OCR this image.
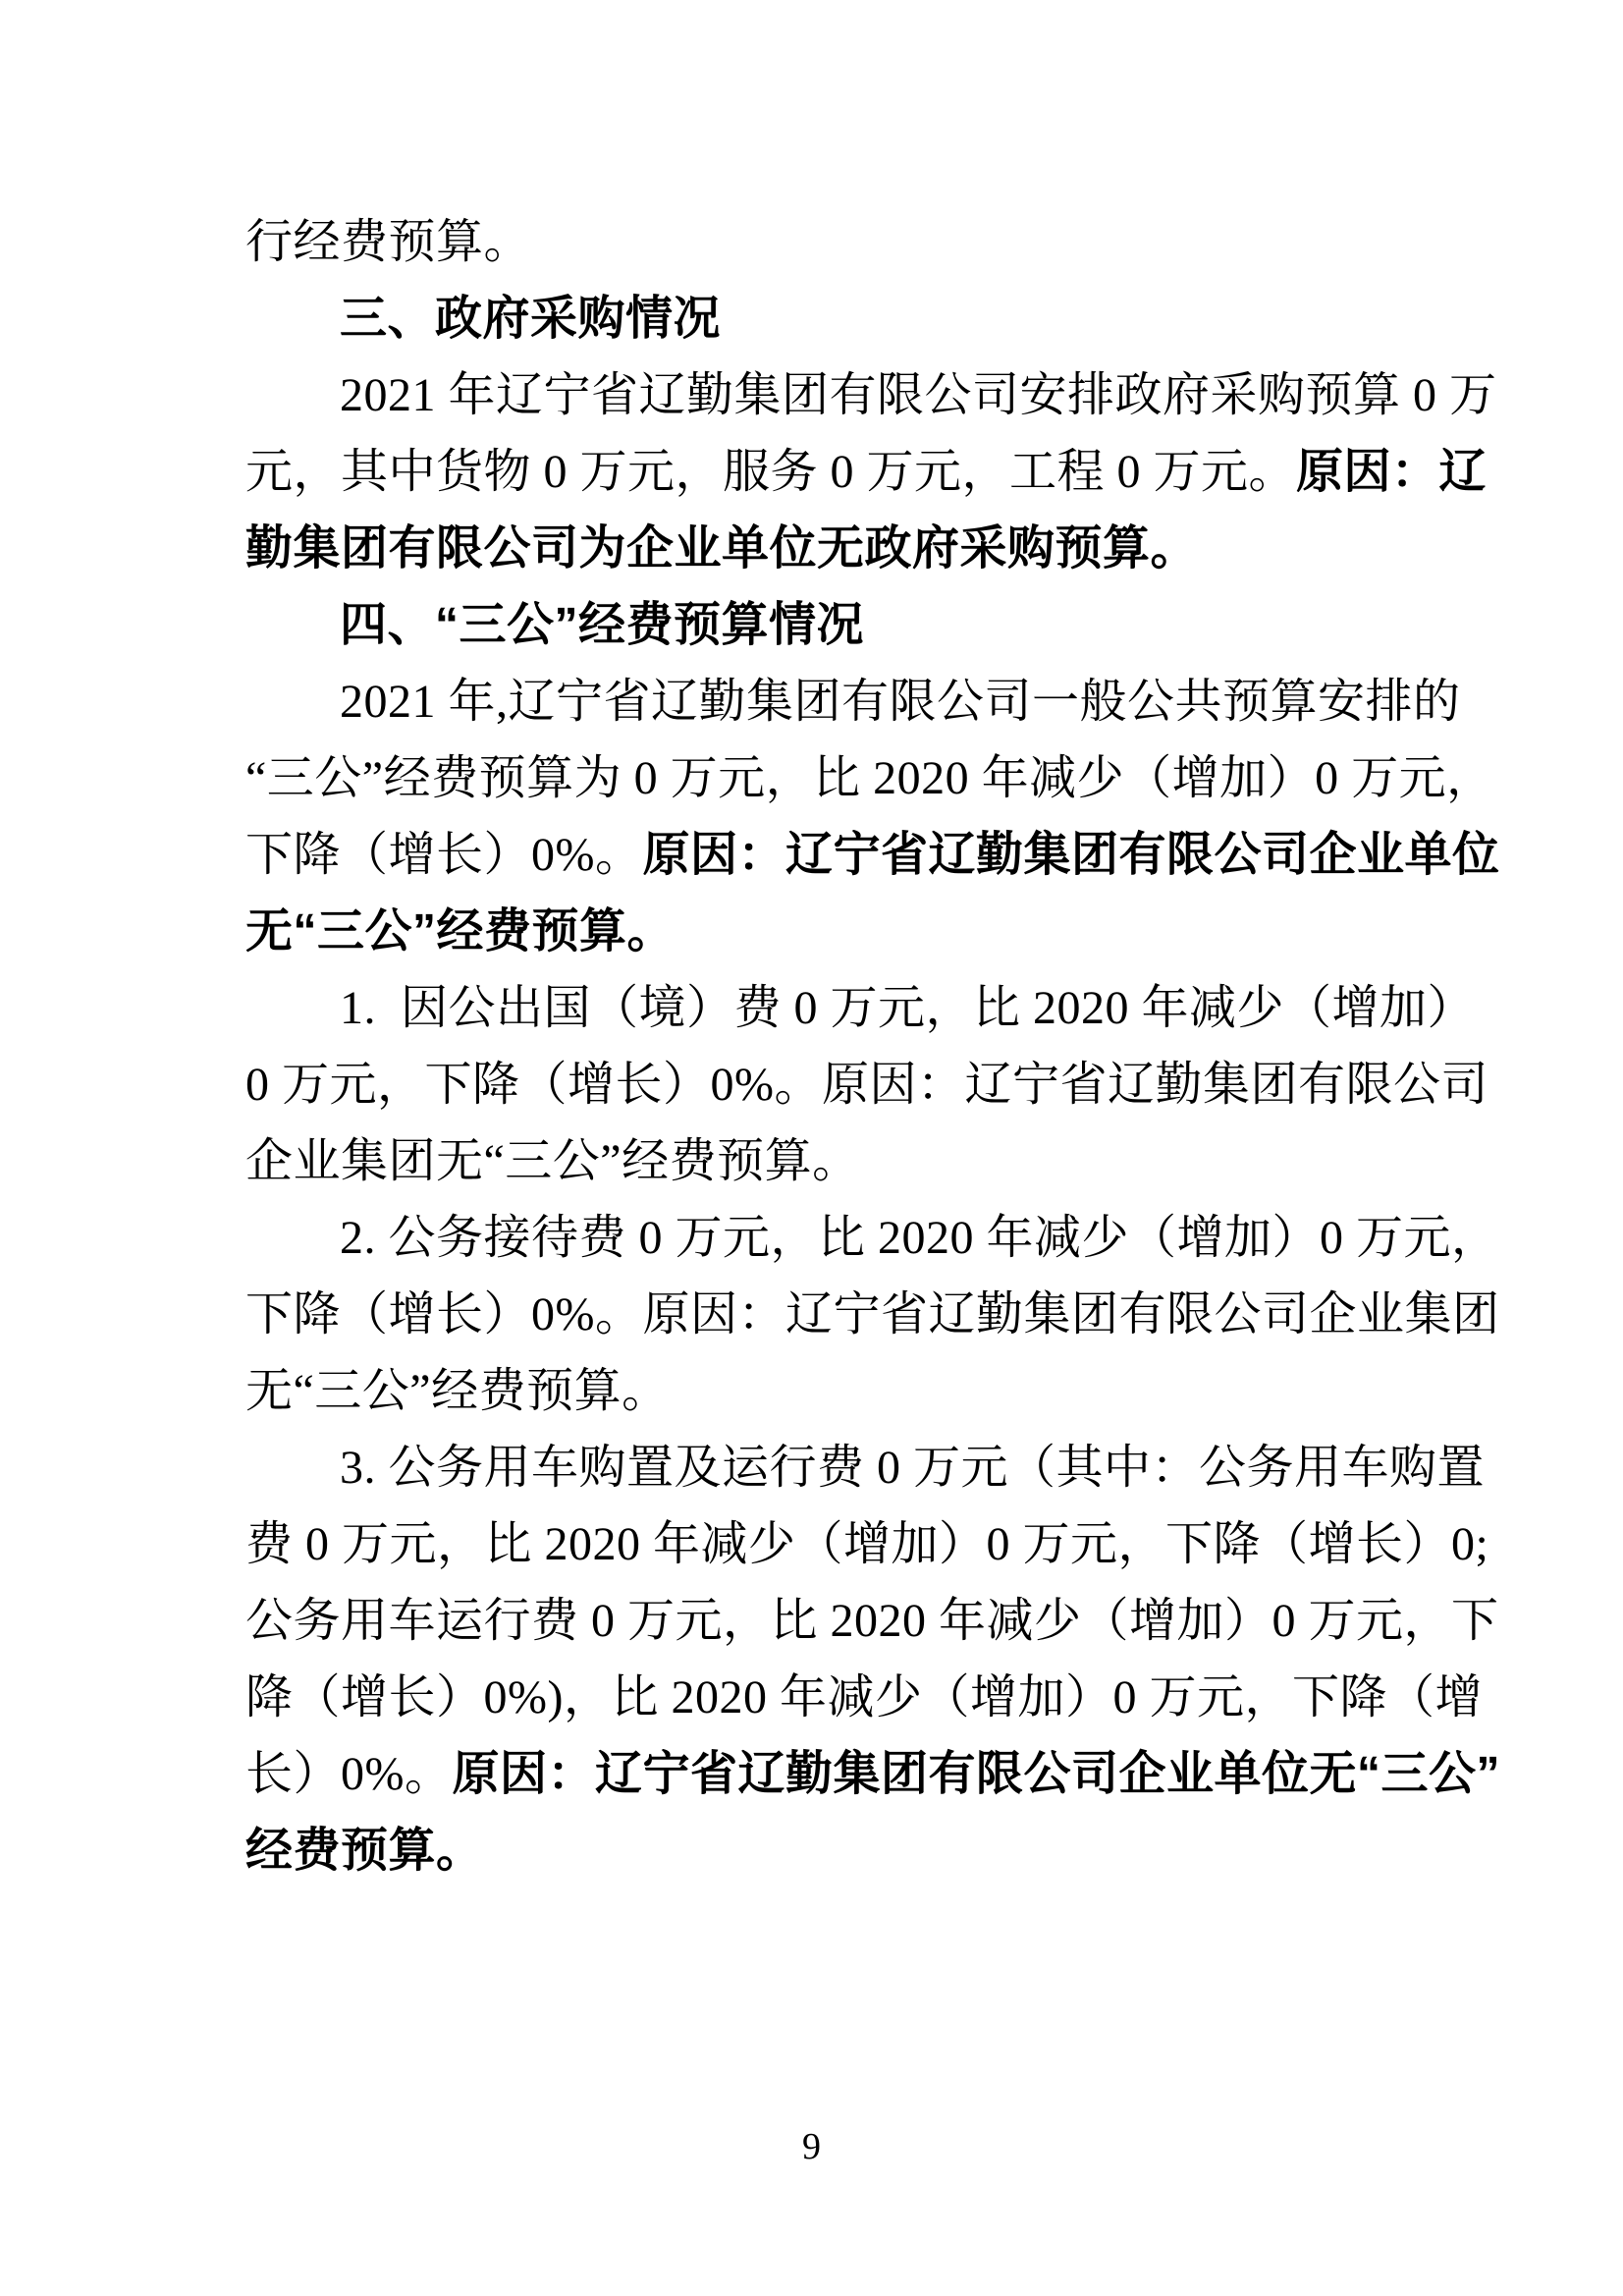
行经费预算。
三、政府采购情况
2021 年辽宁省辽勤集团有限公司安排政府采购预算 0 万
元，其中货物 0 万元，服务 0 万元，工程 0 万元。原因：辽
勤集团有限公司为企业单位无政府采购预算。
四、“三公”经费预算情况
2021 年,辽宁省辽勤集团有限公司一般公共预算安排的
“三公”经费预算为 0 万元，比 2020 年减少（增加）0 万元，
下降（增长）0%。原因：辽宁省辽勤集团有限公司企业单位
无“三公”经费预算。
1.  因公出国（境）费 0 万元，比 2020 年减少（增加）
0 万元，下降（增长）0%。原因：辽宁省辽勤集团有限公司
企业集团无“三公”经费预算。
2. 公务接待费 0 万元，比 2020 年减少（增加）0 万元，
下降（增长）0%。原因：辽宁省辽勤集团有限公司企业集团
无“三公”经费预算。
3. 公务用车购置及运行费 0 万元（其中：公务用车购置
费 0 万元，比 2020 年减少（增加）0 万元，下降（增长）0;
公务用车运行费 0 万元，比 2020 年减少（增加）0 万元，下
降（增长）0%)，比 2020 年减少（增加）0 万元，下降（增
长）0%。原因：辽宁省辽勤集团有限公司企业单位无“三公”
经费预算。
9
